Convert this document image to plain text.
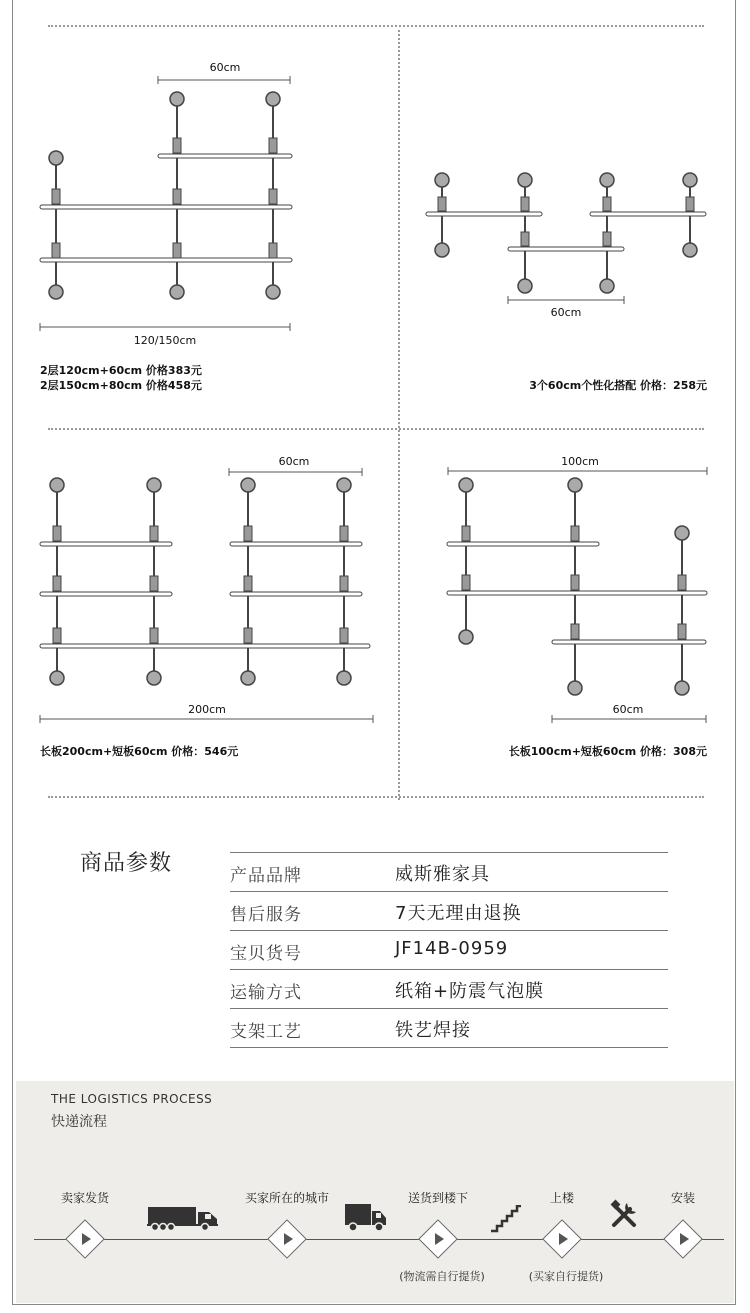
60cm
120/150cm
2层120cm+60cm 价格383元
2层150cm+80cm 价格458元
60cm
3个60cm个性化搭配 价格：258元
60cm
200cm
长板200cm+短板60cm 价格：546元
100cm
60cm
长板100cm+短板60cm 价格：308元
商品参数	产品品牌	威斯雅家具
售后服务	7天无理由退换
宝贝货号	JF14B-0959
运输方式	纸箱+防震气泡膜
支架工艺	铁艺焊接
THE LOGISTICS PROCESS
快递流程
卖家发货	买家所在的城市	送货到楼下	上楼	安装
(物流需自行提货)	(买家自行提货)
